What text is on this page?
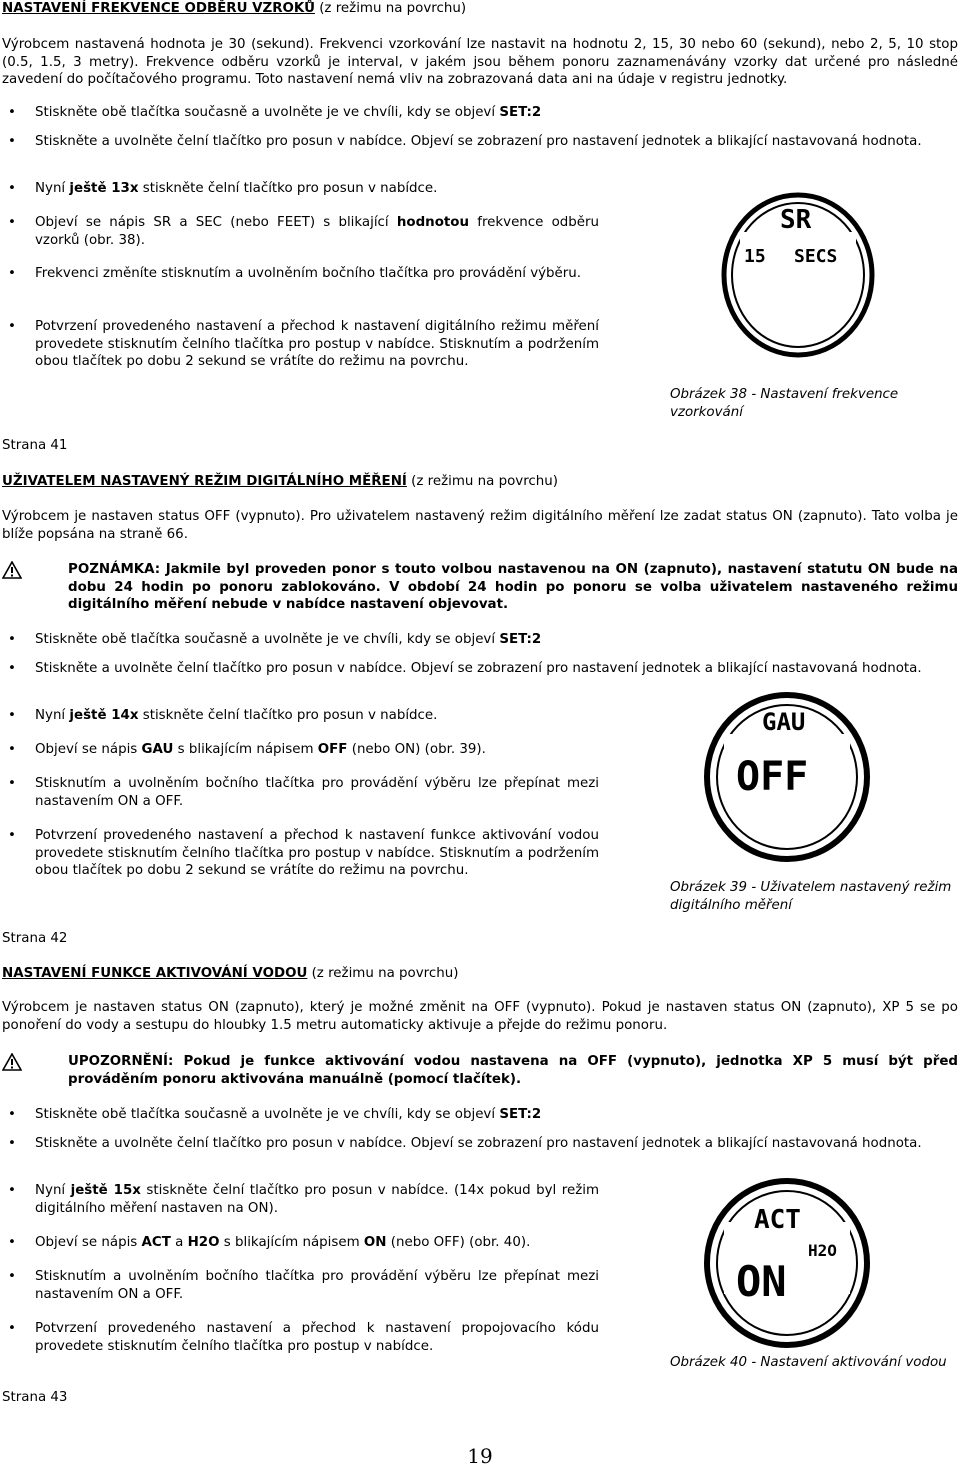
NASTAVENÍ FREKVENCE ODBĚRU VZROKŮ (z režimu na povrchu)
Výrobcem nastavená hodnota je 30 (sekund). Frekvenci vzorkování lze nastavit na hodnotu 2, 15, 30 nebo 60 (sekund), nebo 2, 5, 10 stop (0.5, 1.5, 3 metry). Frekvence odběru vzorků je interval, v jakém jsou během ponoru zaznamenávány vzorky dat určené pro následné zavedení do počítačového programu. Toto nastavení nemá vliv na zobrazovaná data ani na údaje v registru jednotky.
•	Stiskněte obě tlačítka současně a uvolněte je ve chvíli, kdy se objeví SET:2
•	Stiskněte a uvolněte čelní tlačítko pro posun v nabídce. Objeví se zobrazení pro nastavení jednotek a blikající nastavovaná hodnota.
•	Nyní ještě 13x stiskněte čelní tlačítko pro posun v nabídce.
•	Objeví se nápis SR a SEC (nebo FEET) s blikající hodnotou frekvence odběru vzorků (obr. 38).
•	Frekvenci změníte stisknutím a uvolněním bočního tlačítka pro provádění výběru.
•	Potvrzení provedeného nastavení a přechod k nastavení digitálního režimu měření provedete stisknutím čelního tlačítka pro postup v nabídce. Stisknutím a podržením obou tlačítek po dobu 2 sekund se vrátíte do režimu na povrchu.
SR
15 SECS
Obrázek 38 - Nastavení frekvence vzorkování
Strana 41
UŽIVATELEM NASTAVENÝ REŽIM DIGITÁLNÍHO MĚŘENÍ (z režimu na povrchu)
Výrobcem je nastaven status OFF (vypnuto). Pro uživatelem nastavený režim digitálního měření lze zadat status ON (zapnuto). Tato volba je blíže popsána na straně 66.
POZNÁMKA: Jakmile byl proveden ponor s touto volbou nastavenou na ON (zapnuto), nastavení statutu ON bude na dobu 24 hodin po ponoru zablokováno. V období 24 hodin po ponoru se volba uživatelem nastaveného režimu digitálního měření nebude v nabídce nastavení objevovat.
•	Stiskněte obě tlačítka současně a uvolněte je ve chvíli, kdy se objeví SET:2
•	Stiskněte a uvolněte čelní tlačítko pro posun v nabídce. Objeví se zobrazení pro nastavení jednotek a blikající nastavovaná hodnota.
•	Nyní ještě 14x stiskněte čelní tlačítko pro posun v nabídce.
•	Objeví se nápis GAU s blikajícím nápisem OFF (nebo ON) (obr. 39).
•	Stisknutím a uvolněním bočního tlačítka pro provádění výběru lze přepínat mezi nastavením ON a OFF.
•	Potvrzení provedeného nastavení a přechod k nastavení funkce aktivování vodou provedete stisknutím čelního tlačítka pro postup v nabídce. Stisknutím a podržením obou tlačítek po dobu 2 sekund se vrátíte do režimu na povrchu.
GAU
OFF
Obrázek 39 - Uživatelem nastavený režim digitálního měření
Strana 42
NASTAVENÍ FUNKCE AKTIVOVÁNÍ VODOU (z režimu na povrchu)
Výrobcem je nastaven status ON (zapnuto), který je možné změnit na OFF (vypnuto). Pokud je nastaven status ON (zapnuto), XP 5 se po ponoření do vody a sestupu do hloubky 1.5 metru automaticky aktivuje a přejde do režimu ponoru.
UPOZORNĚNÍ: Pokud je funkce aktivování vodou nastavena na OFF (vypnuto), jednotka XP 5 musí být před prováděním ponoru aktivována manuálně (pomocí tlačítek).
•	Stiskněte obě tlačítka současně a uvolněte je ve chvíli, kdy se objeví SET:2
•	Stiskněte a uvolněte čelní tlačítko pro posun v nabídce. Objeví se zobrazení pro nastavení jednotek a blikající nastavovaná hodnota.
•	Nyní ještě 15x stiskněte čelní tlačítko pro posun v nabídce. (14x pokud byl režim digitálního měření nastaven na ON).
•	Objeví se nápis ACT a H2O s blikajícím nápisem ON (nebo OFF) (obr. 40).
•	Stisknutím a uvolněním bočního tlačítka pro provádění výběru lze přepínat mezi nastavením ON a OFF.
•	Potvrzení provedeného nastavení a přechod k nastavení propojovacího kódu provedete stisknutím čelního tlačítka pro postup v nabídce.
ACT
H2O
ON
Obrázek 40 - Nastavení aktivování vodou
Strana 43
19
